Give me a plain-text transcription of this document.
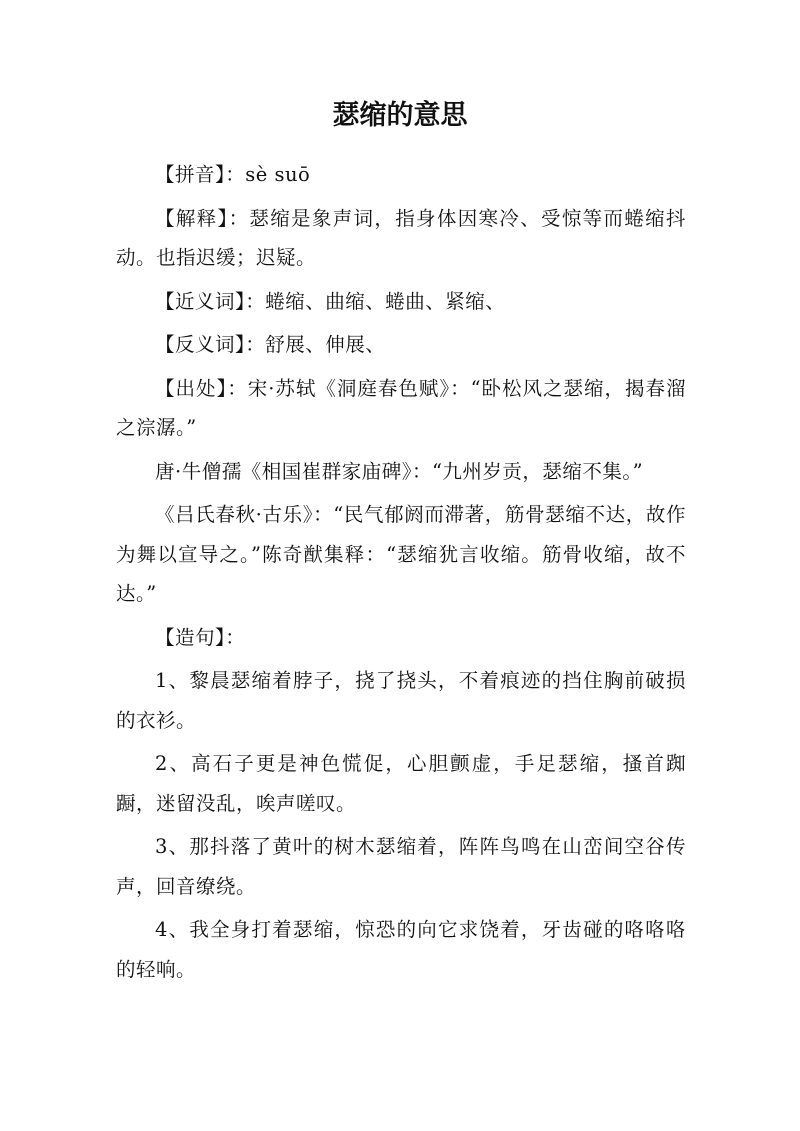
瑟缩的意思

【拼音】：sè suō

【解释】：瑟缩是象声词，指身体因寒冷、受惊等而蜷缩抖动。也指迟缓；迟疑。

【近义词】：蜷缩、曲缩、蜷曲、紧缩、

【反义词】：舒展、伸展、

【出处】：宋·苏轼《洞庭春色赋》：“卧松风之瑟缩，揭春溜之淙潺。”

唐·牛僧孺《相国崔群家庙碑》：“九州岁贡，瑟缩不集。”

《吕氏春秋·古乐》：“民气郁阏而滞著，筋骨瑟缩不达，故作为舞以宣导之。”陈奇猷集释：“瑟缩犹言收缩。筋骨收缩，故不达。”

【造句】：

1、黎晨瑟缩着脖子，挠了挠头，不着痕迹的挡住胸前破损的衣衫。

2、高石子更是神色慌促，心胆颤虚，手足瑟缩，搔首踟蹰，迷留没乱，唉声嗟叹。

3、那抖落了黄叶的树木瑟缩着，阵阵鸟鸣在山峦间空谷传声，回音缭绕。

4、我全身打着瑟缩，惊恐的向它求饶着，牙齿碰的咯咯咯的轻响。
